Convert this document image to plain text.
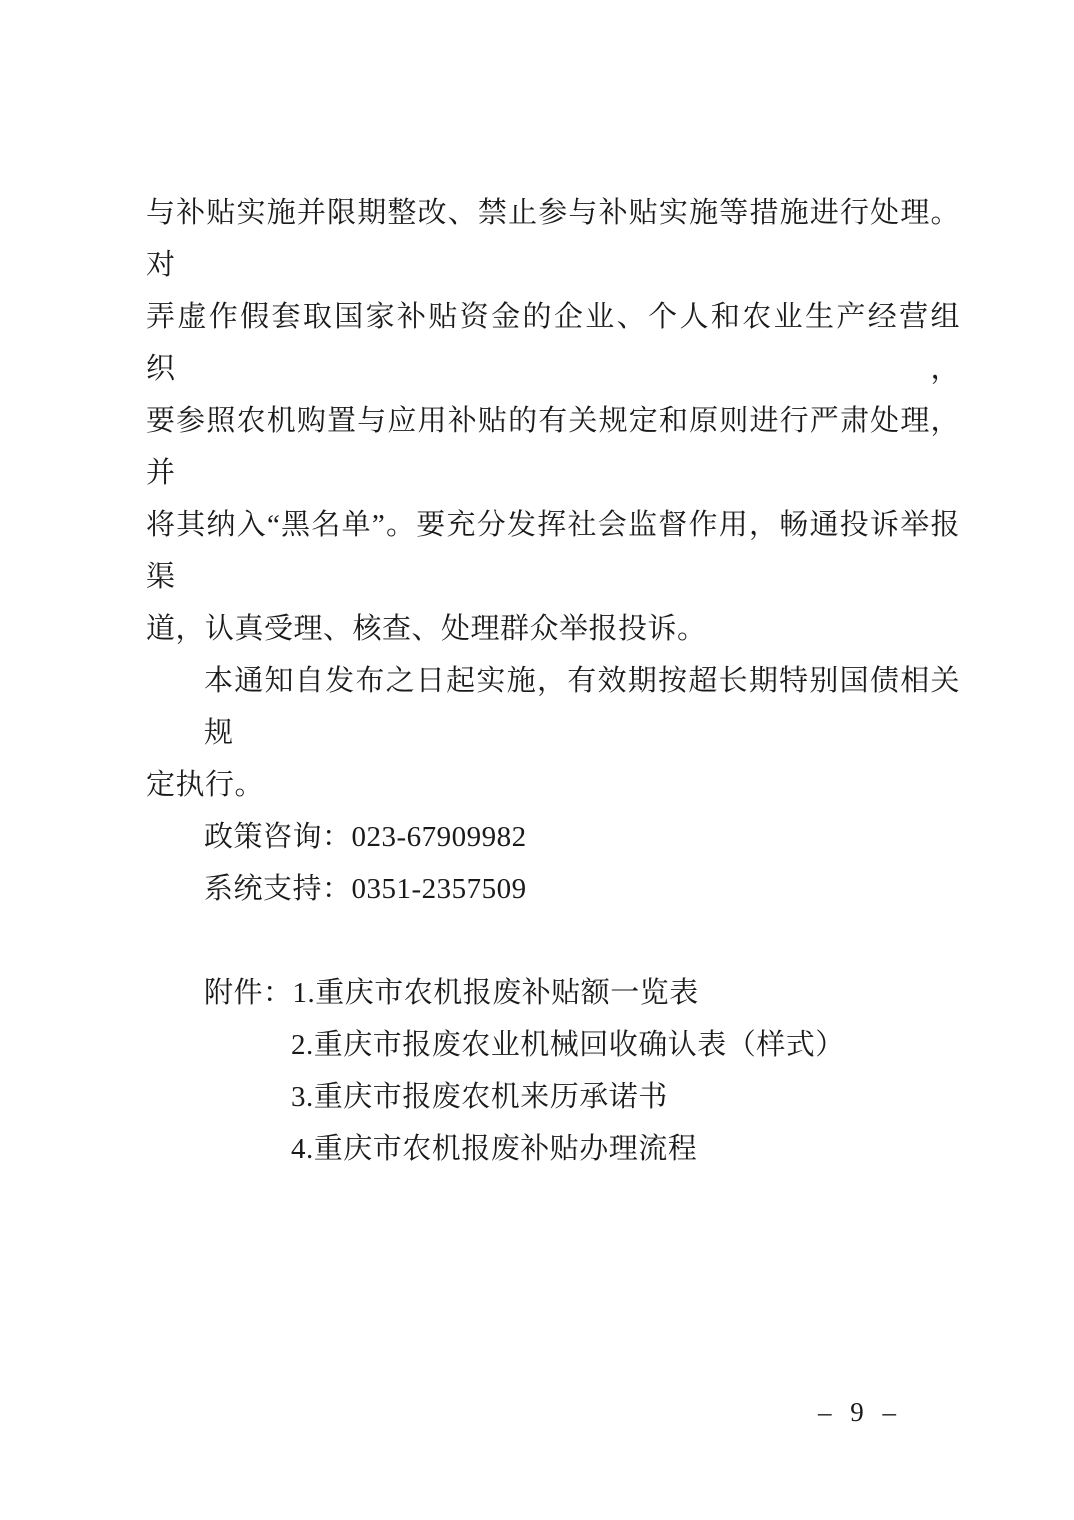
与补贴实施并限期整改、禁止参与补贴实施等措施进行处理。对
弄虚作假套取国家补贴资金的企业、个人和农业生产经营组织，
要参照农机购置与应用补贴的有关规定和原则进行严肃处理，并
将其纳入“黑名单”。要充分发挥社会监督作用，畅通投诉举报渠
道，认真受理、核查、处理群众举报投诉。
本通知自发布之日起实施，有效期按超长期特别国债相关规
定执行。
政策咨询：023-67909982
系统支持：0351-2357509
附件：1.重庆市农机报废补贴额一览表
2.重庆市报废农业机械回收确认表（样式）
3.重庆市报废农机来历承诺书
4.重庆市农机报废补贴办理流程
– 9 –
